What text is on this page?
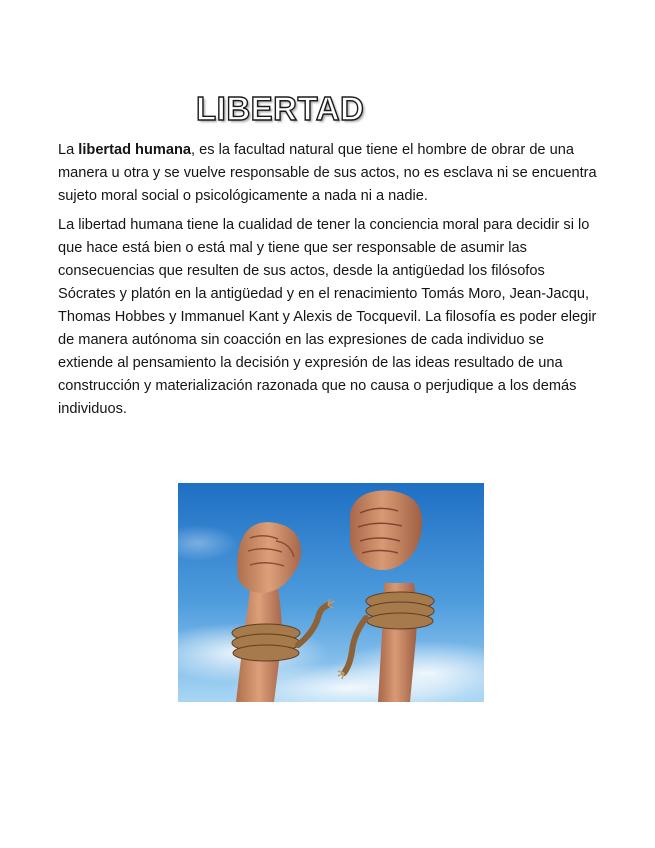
LIBERTAD

La libertad humana, es la facultad natural que tiene el hombre de obrar de una manera u otra y se vuelve responsable de sus actos, no es esclava ni se encuentra sujeto moral social o psicológicamente a nada ni a nadie.

La libertad humana tiene la cualidad de tener la conciencia moral para decidir si lo que hace está bien o está mal y tiene que ser responsable de asumir las consecuencias que resulten de sus actos, desde la antigüedad los filósofos Sócrates y platón en la antigüedad y en el renacimiento Tomás Moro, Jean-Jacqu, Thomas Hobbes y Immanuel Kant y Alexis de Tocquevil. La filosofía es poder elegir de manera autónoma sin coacción en las expresiones de cada individuo se extiende al pensamiento la decisión y expresión de las ideas resultado de una construcción y materialización razonada que no causa o perjudique a los demás individuos.
